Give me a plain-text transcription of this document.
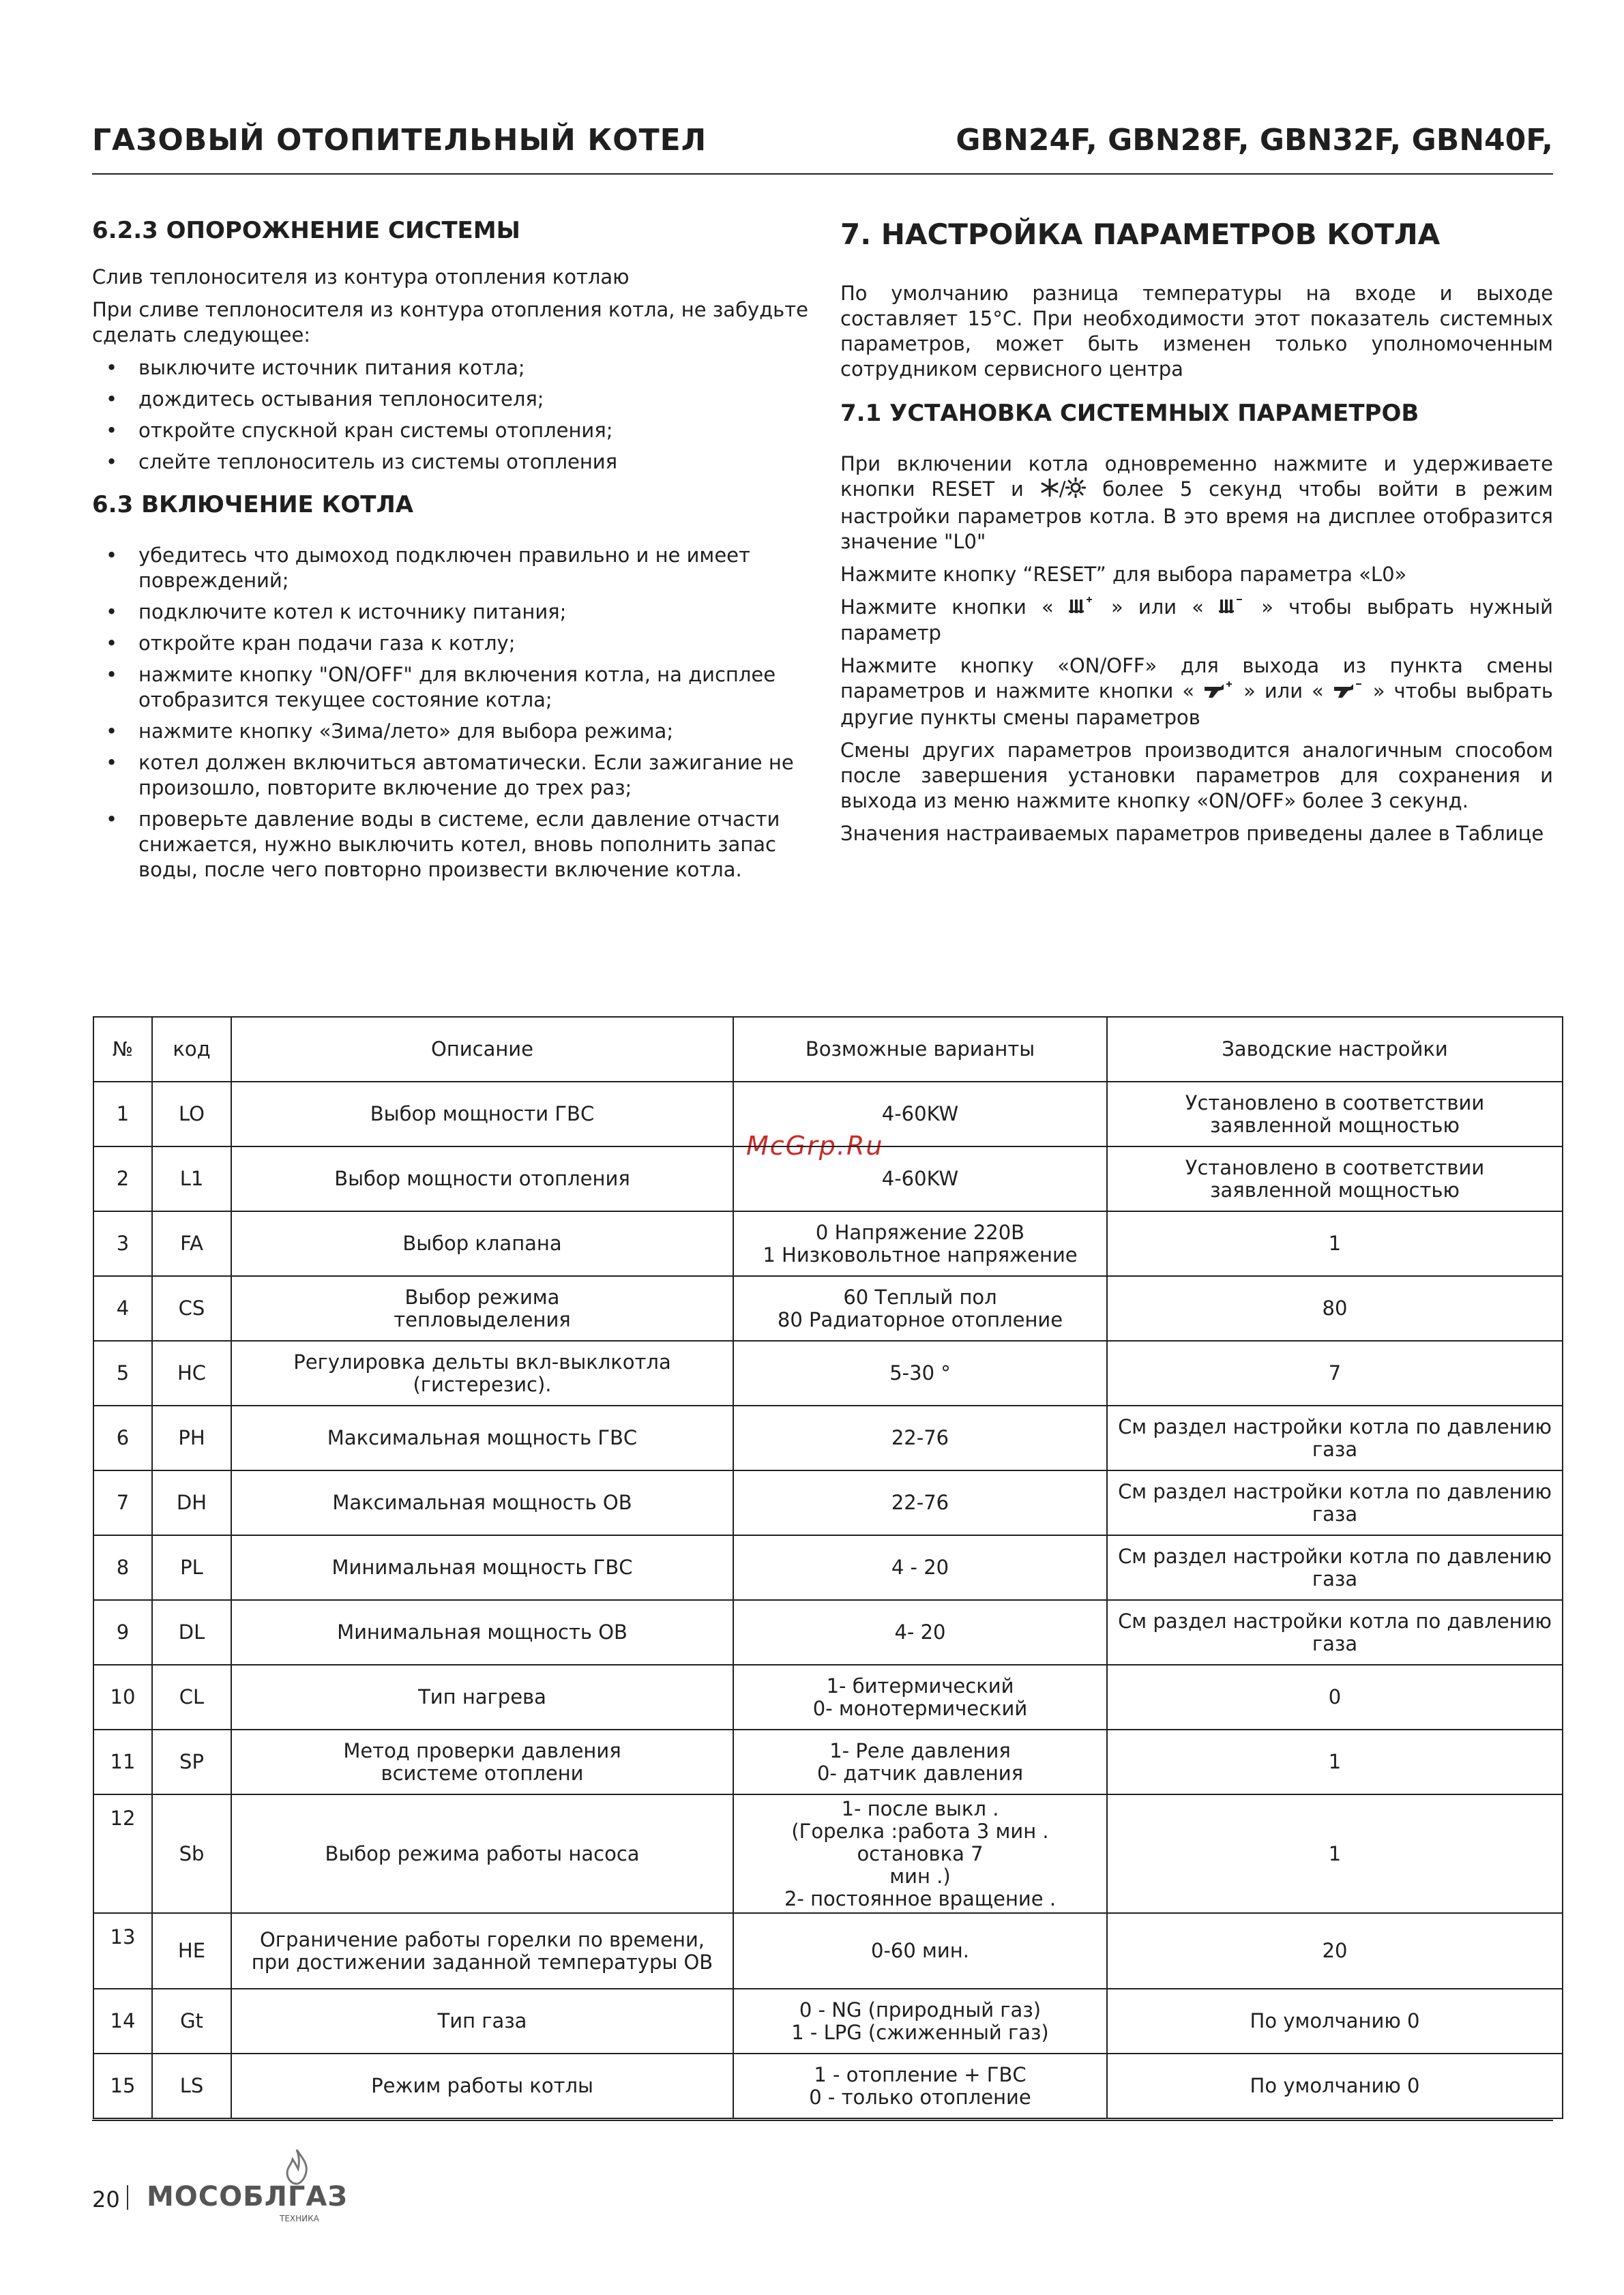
ГАЗОВЫЙ ОТОПИТЕЛЬНЫЙ КОТЕЛ	GBN24F, GBN28F, GBN32F, GBN40F,
6.2.3 ОПОРОЖНЕНИЕ СИСТЕМЫ

Слив теплоносителя из контура отопления котлаю

При сливе теплоносителя из контура отопления котла, не забудьте сделать следующее:

• выключите источник питания котла;
• дождитесь остывания теплоносителя;
• откройте спускной кран системы отопления;
• слейте теплоноситель из системы отопления
6.3 ВКЛЮЧЕНИЕ КОТЛА
• убедитесь что дымоход подключен правильно и не имеет повреждений;
• подключите котел к источнику питания;
• откройте кран подачи газа к котлу;
• нажмите кнопку "ON/OFF" для включения котла, на дисплее отобразится текущее состояние котла;
• нажмите кнопку «Зима/лето» для выбора режима;
• котел должен включиться автоматически. Если зажигание не произошло, повторите включение до трех раз;
• проверьте давление воды в системе, если давление отчасти снижается, нужно выключить котел, вновь пополнить запас воды, после чего повторно произвести включение котла.
7. НАСТРОЙКА ПАРАМЕТРОВ КОТЛА

По умолчанию разница температуры на входе и выходе составляет 15°С. При необходимости этот показатель системных параметров, может быть изменен только уполномоченным сотрудником сервисного центра

7.1 УСТАНОВКА СИСТЕМНЫХ ПАРАМЕТРОВ

При включении котла одновременно нажмите и удерживаете кнопки RESET и / более 5 секунд чтобы войти в режим настройки параметров котла. В это время на дисплее отобразится значение "L0"

Нажмите кнопку “RESET” для выбора параметра «L0»

Нажмите кнопки «	» или «	» чтобы выбрать нужный параметр

Нажмите кнопку «ON/OFF» для выхода из пункта смены параметров и нажмите кнопки « » или « » чтобы выбрать другие пункты смены параметров

Смены других параметров производится аналогичным способом после завершения установки параметров для сохранения и выхода из меню нажмите кнопку «ON/OFF» более 3 секунд.

Значения настраиваемых параметров приведены далее в Таблице

McGrp.Ru
№	код	Описание	Возможные варианты	Заводские настройки
1	LO	Выбор мощности ГВС	4-60KW	Установлено в соответствии
заявленной мощностью
2	L1	Выбор мощности отопления	4-60KW	Установлено в соответствии
заявленной мощностью
3	FA	Выбор клапана	0 Напряжение 220В
1 Низковольтное напряжение	1
4	CS	Выбор режима
тепловыделения	60 Теплый пол
80 Радиаторное отопление	80
5	HC	Регулировка дельты вкл-выклкотла (гистерезис).	5-30 °	7
6	PH	Максимальная мощность ГВС	22-76	См раздел настройки котла по давлению газа
7	DH	Максимальная мощность ОВ	22-76	См раздел настройки котла по давлению газа
8	PL	Минимальная мощность ГВС	4 - 20	См раздел настройки котла по давлению газа
9	DL	Минимальная мощность ОВ	4- 20	См раздел настройки котла по давлению газа
10	CL	Тип нагрева	1- битермический
0- монотермический	0
11	SP	Метод проверки давления
всистеме отоплени	1- Реле давления
0- датчик давления	1
12	Sb	Выбор режима работы насоса	1- после выкл .
(Горелка :работа 3 мин . остановка 7
мин .)
2- постоянное вращение .	1
13	HE	Ограничение работы горелки по времени,
при достижении заданной температуры ОВ	0-60 мин.	20
14	Gt	Тип газа	0 - NG (природный газ)
1 - LPG (сжиженный газ)	По умолчанию 0
15	LS	Режим работы котлы	1 - отопление + ГВС
0 - только отопление	По умолчанию 0
20 МОСОБЛГАЗ
ТЕХНИКА
